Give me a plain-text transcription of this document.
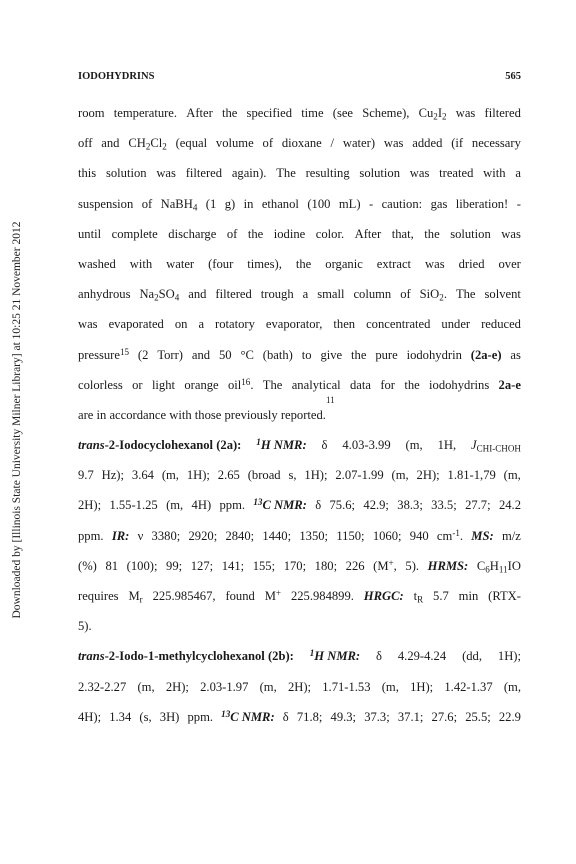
Downloaded by [Illinois State University Milner Library] at 10:25 21 November 2012
IODOHYDRINS	565
room temperature. After the specified time (see Scheme), $Cu_2I_2$ was filtered
off and $CH_2Cl_2$ (equal volume of dioxane / water) was added (if necessary
this solution was filtered again). The resulting solution was treated with a
suspension of NaBH$_4$ (1 g) in ethanol (100 mL) - caution: gas liberation! -
until complete discharge of the iodine color. After that, the solution was
washed with water (four times), the organic extract was dried over
anhydrous $Na_2SO_4$ and filtered trough a small column of SiO$_2$. The solvent
was evaporated on a rotatory evaporator, then concentrated under reduced
pressure$^{15}$ (2 Torr) and 50 °C (bath) to give the pure iodohydrin (2a-e) as
colorless or light orange oil$^{16}$. The analytical data for the iodohydrins 2a-e
are in accordance with those previously reported.
11
trans-2-Iodocyclohexanol (2a): $^1$H NMR: δ 4.03-3.99 (m, 1H, $J_{CHI-CHOH}$
9.7 Hz); 3.64 (m, 1H); 2.65 (broad s, 1H); 2.07-1.99 (m, 2H); 1.81-1,79 (m,
2H); 1.55-1.25 (m, 4H) ppm. $^{13}$C NMR: δ 75.6; 42.9; 38.3; 33.5; 27.7; 24.2
ppm. IR: ν 3380; 2920; 2840; 1440; 1350; 1150; 1060; 940 $cm^{-1}$. MS: m/z
(%) 81 (100); 99; 127; 141; 155; 170; 180; 226 (M+, 5). HRMS: $C_6H_{11}IO$
requires $M_r$ 225.985467, found M+ 225.984899. HRGC: $t_R$ 5.7 min (RTX-
5).
trans-2-Iodo-1-methylcyclohexanol (2b): $^1$H NMR: δ 4.29-4.24 (dd, 1H);
2.32-2.27 (m, 2H); 2.03-1.97 (m, 2H); 1.71-1.53 (m, 1H); 1.42-1.37 (m,
4H); 1.34 (s, 3H) ppm. $^{13}$C NMR: δ 71.8; 49.3; 37.3; 37.1; 27.6; 25.5; 22.9
